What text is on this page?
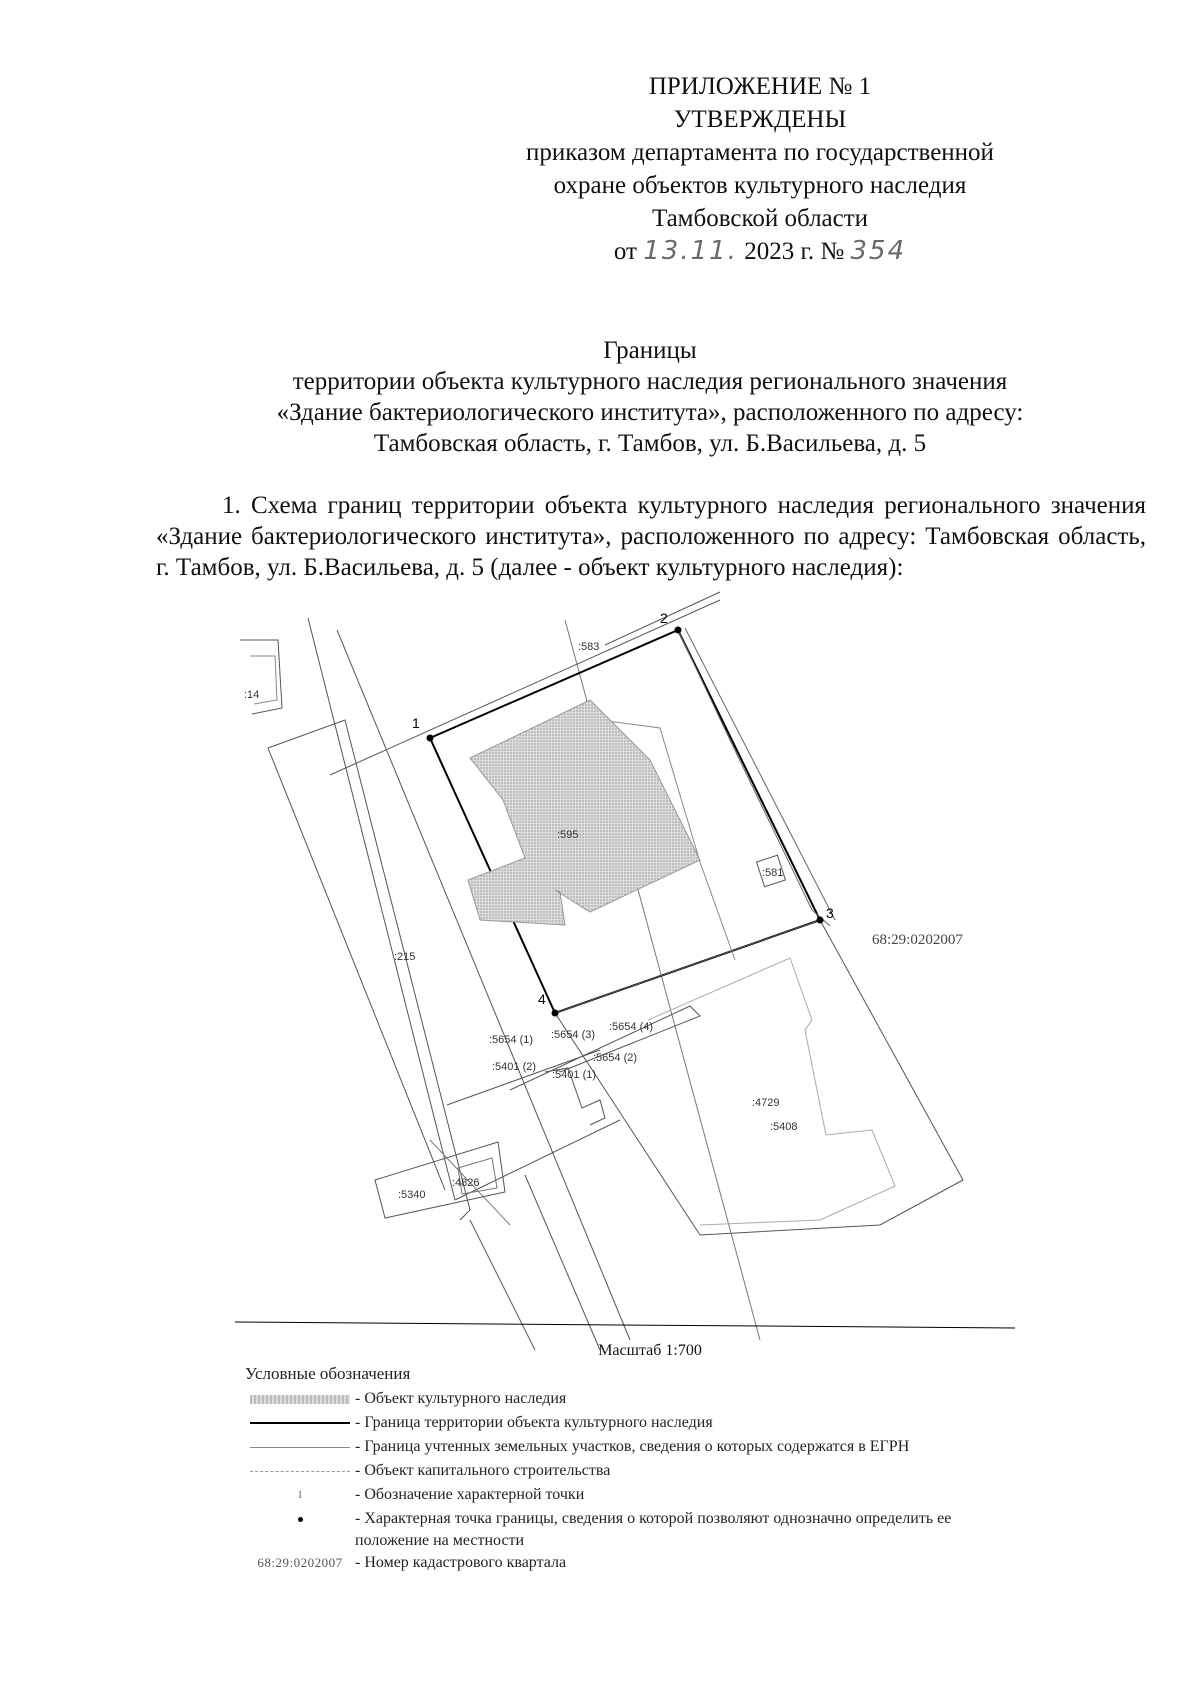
ПРИЛОЖЕНИЕ № 1
УТВЕРЖДЕНЫ
приказом департамента по государственной
охране объектов культурного наследия
Тамбовской области
от 13.11. 2023 г. № 354
Границы
территории объекта культурного наследия регионального значения
«Здание бактериологического института», расположенного по адресу:
Тамбовская область, г. Тамбов, ул. Б.Васильева, д. 5
1. Схема границ территории объекта культурного наследия регионального значения «Здание бактериологического института», расположенного по адресу: Тамбовская область, г. Тамбов, ул. Б.Васильева, д. 5 (далее - объект культурного наследия):
1
2
3
4
:583
:14
:595
:581
68:29:0202007
:215
:5654 (1) :5654 (3)
:5654 (4)
:5654 (2)
:5401 (2)
:5401 (1)
:4729
:5408
:5340
:4826
Масштаб 1:700
Условные обозначения
- Объект культурного наследия
- Граница территории объекта культурного наследия
- Граница учтенных земельных участков, сведения о которых содержатся в ЕГРН
- Объект капитального строительства
1	- Обозначение характерной точки
- Характерная точка границы, сведения о которой позволяют однозначно определить ее положение на местности
68:29:0202007 - Номер кадастрового квартала
